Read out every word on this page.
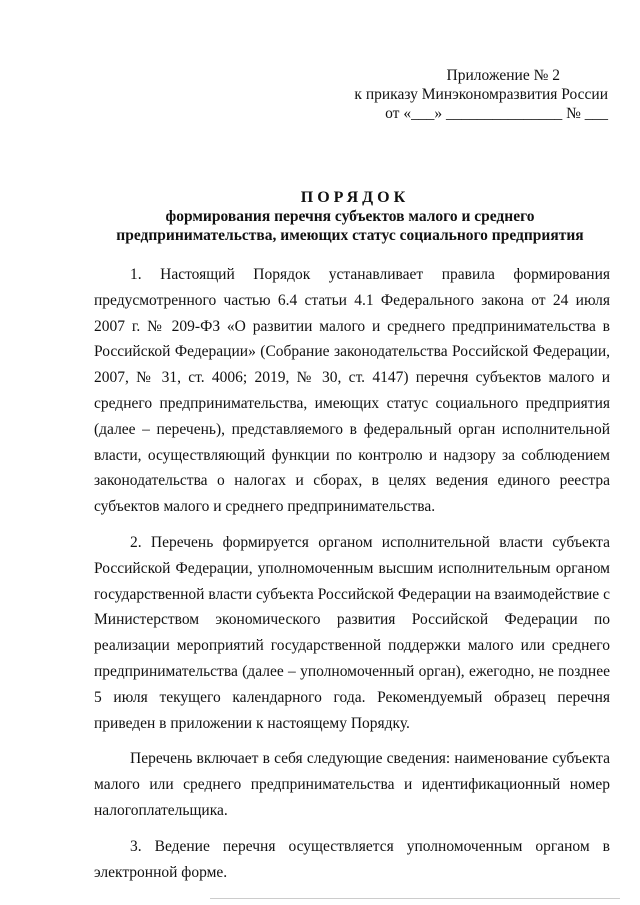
Приложение № 2
к приказу Минэкономразвития России
от «___» _______________ № ___
ПОРЯДОК
формирования перечня субъектов малого и среднего
предпринимательства, имеющих статус социального предприятия

1. Настоящий Порядок устанавливает правила формирования предусмотренного частью 6.4 статьи 4.1 Федерального закона от 24 июля 2007 г. № 209-ФЗ «О развитии малого и среднего предпринимательства в Российской Федерации» (Собрание законодательства Российской Федерации, 2007, № 31, ст. 4006; 2019, № 30, ст. 4147) перечня субъектов малого и среднего предпринимательства, имеющих статус социального предприятия (далее – перечень), представляемого в федеральный орган исполнительной власти, осуществляющий функции по контролю и надзору за соблюдением законодательства о налогах и сборах, в целях ведения единого реестра субъектов малого и среднего предпринимательства.

2. Перечень формируется органом исполнительной власти субъекта Российской Федерации, уполномоченным высшим исполнительным органом государственной власти субъекта Российской Федерации на взаимодействие с Министерством экономического развития Российской Федерации по реализации мероприятий государственной поддержки малого или среднего предпринимательства (далее – уполномоченный орган), ежегодно, не позднее 5 июля текущего календарного года. Рекомендуемый образец перечня приведен в приложении к настоящему Порядку.

Перечень включает в себя следующие сведения: наименование субъекта малого или среднего предпринимательства и идентификационный номер налогоплательщика.

3. Ведение перечня осуществляется уполномоченным органом в электронной форме.
